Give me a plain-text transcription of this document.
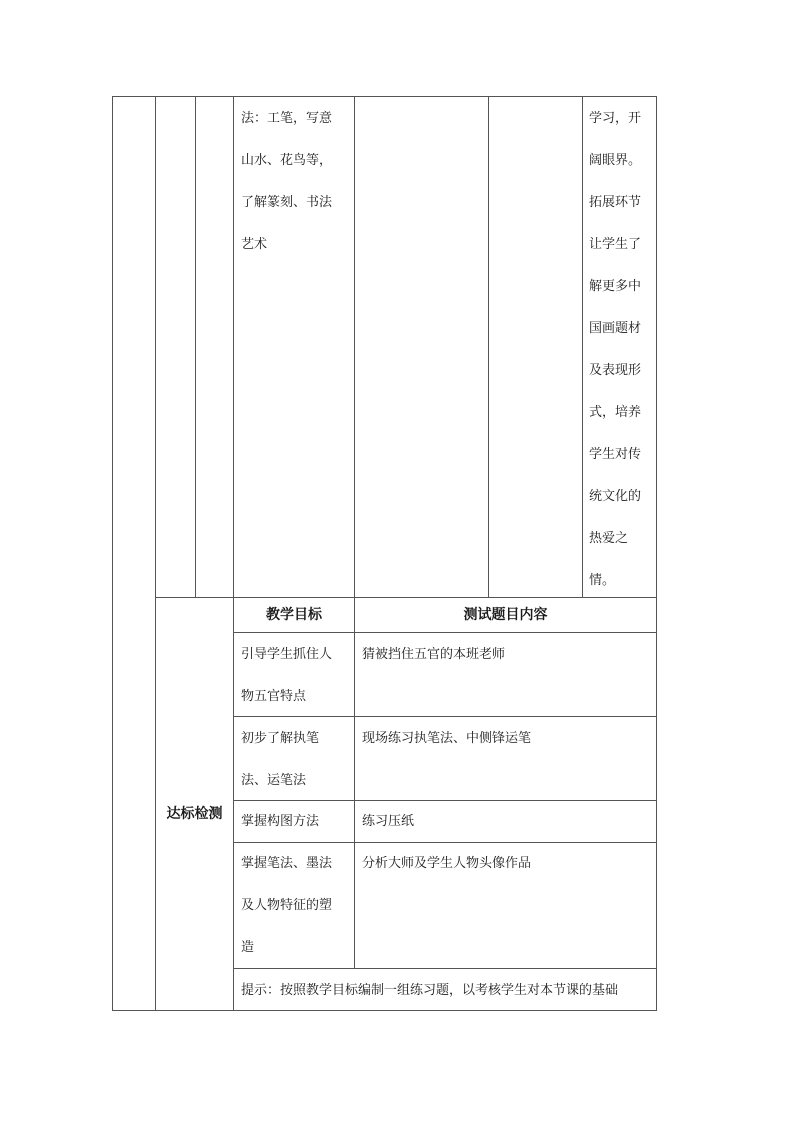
法：工笔，写意
山水、花鸟等，
了解篆刻、书法
艺术
学习，开
阔眼界。
拓展环节
让学生了
解更多中
国画题材
及表现形
式，培养
学生对传
统文化的
热爱之
情。
达标检测
教学目标	测试题目内容
引导学生抓住人
物五官特点
猜被挡住五官的本班老师
初步了解执笔
法、运笔法
现场练习执笔法、中侧锋运笔
掌握构图方法	练习压纸
掌握笔法、墨法
及人物特征的塑
造
分析大师及学生人物头像作品
提示：按照教学目标编制一组练习题，以考核学生对本节课的基础
